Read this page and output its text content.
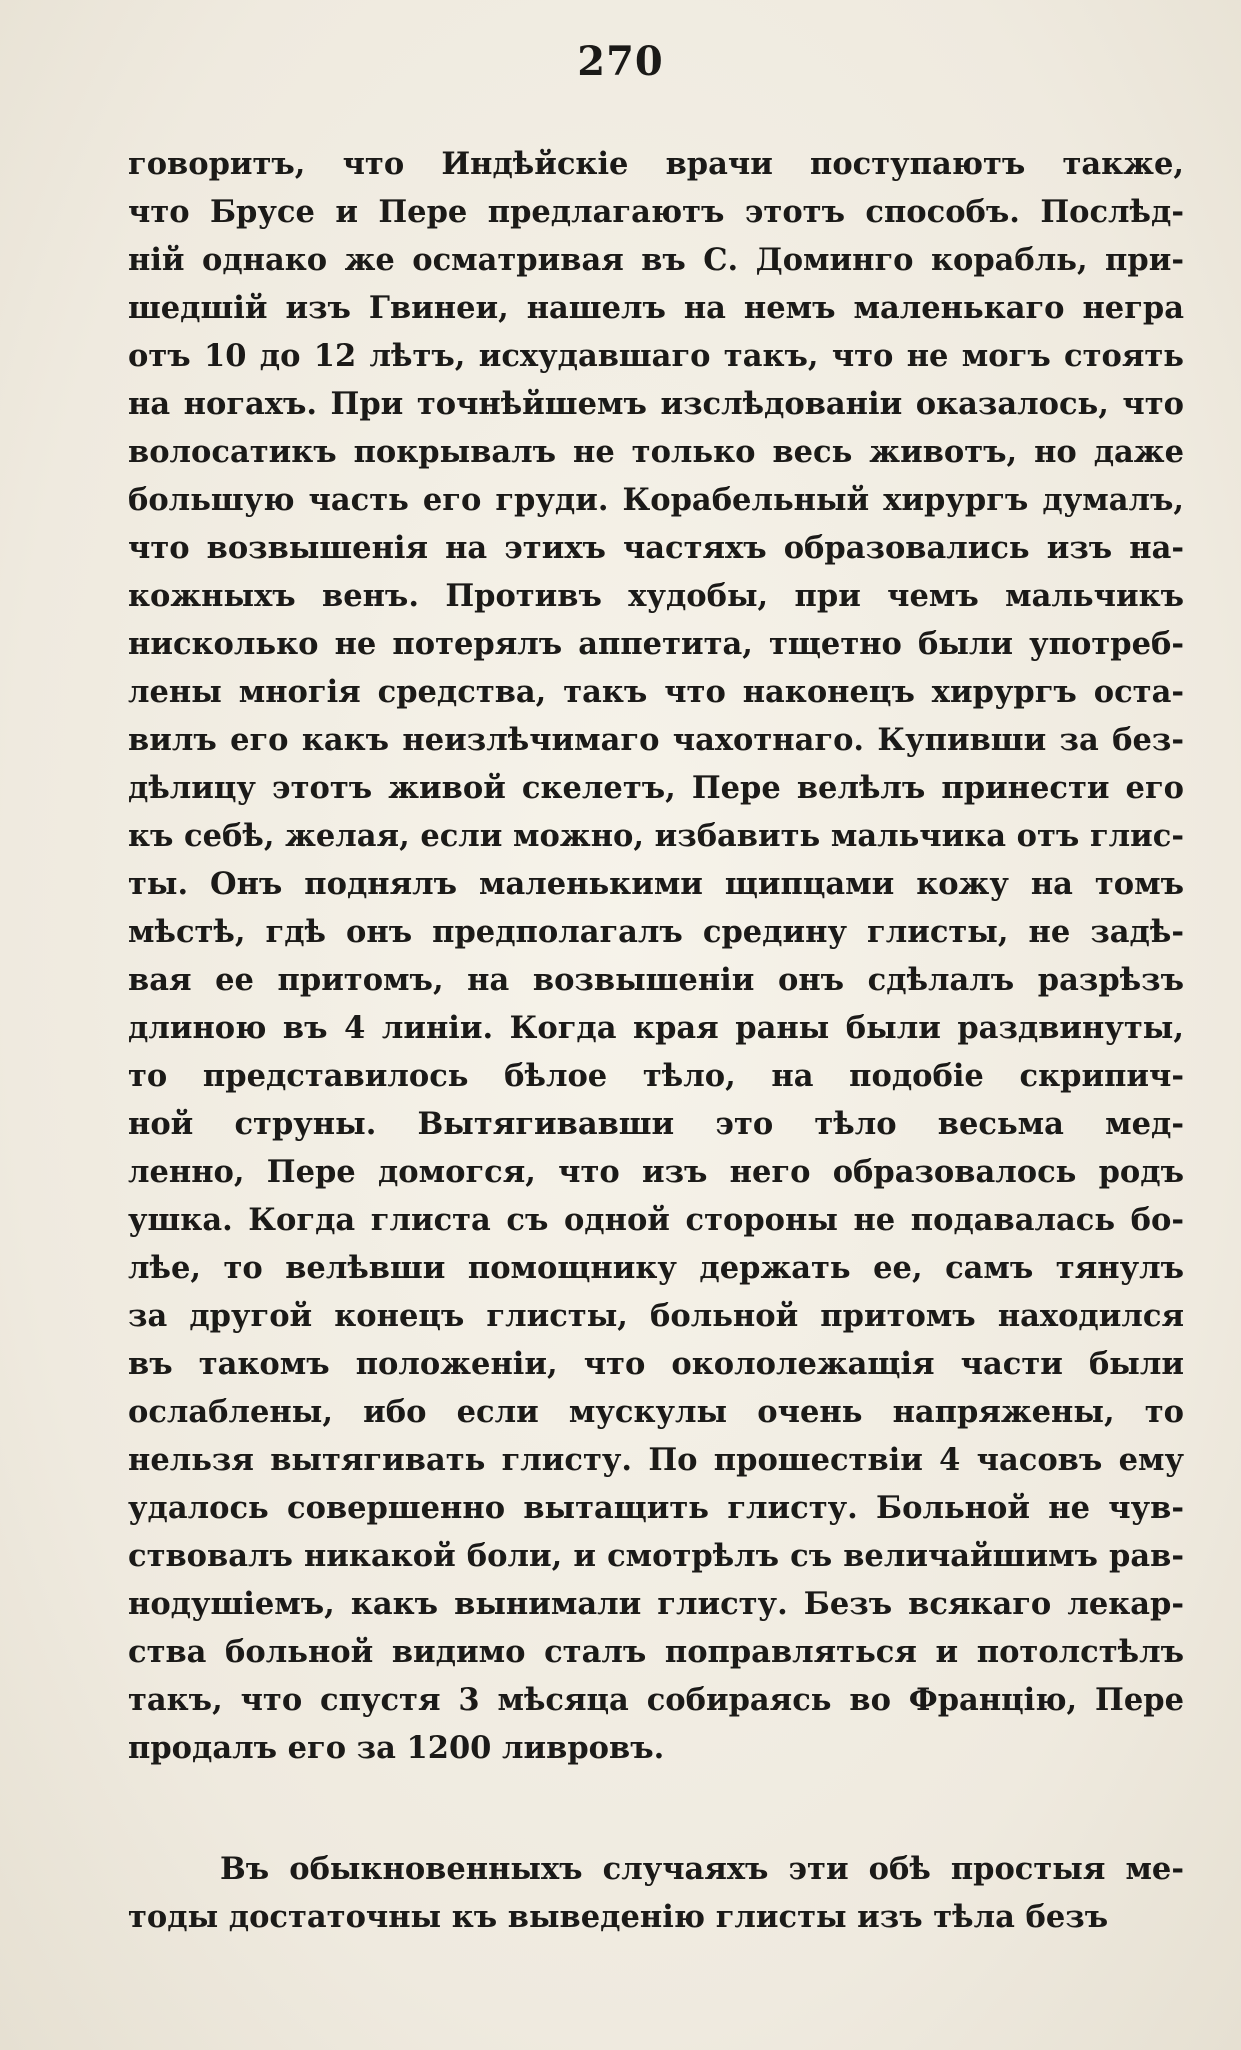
270
говоритъ, что Индѣйскіе врачи поступаютъ также,
что Брусе и Пере предлагаютъ этотъ способъ. Послѣд-
ній однако же осматривая въ С. Доминго корабль, при-
шедшій изъ Гвинеи, нашелъ на немъ маленькаго негра
отъ 10 до 12 лѣтъ, исхудавшаго такъ, что не могъ стоять
на ногахъ. При точнѣйшемъ изслѣдованіи оказалось, что
волосатикъ покрывалъ не только весь животъ, но даже
большую часть его груди. Корабельный хирургъ думалъ,
что возвышенія на этихъ частяхъ образовались изъ на-
кожныхъ венъ. Противъ худобы, при чемъ мальчикъ
нисколько не потерялъ аппетита, тщетно были употреб-
лены многія средства, такъ что наконецъ хирургъ оста-
вилъ его какъ неизлѣчимаго чахотнаго. Купивши за без-
дѣлицу этотъ живой скелетъ, Пере велѣлъ принести его
къ себѣ, желая, если можно, избавить мальчика отъ глис-
ты. Онъ поднялъ маленькими щипцами кожу на томъ
мѣстѣ, гдѣ онъ предполагалъ средину глисты, не задѣ-
вая ее притомъ, на возвышеніи онъ сдѣлалъ разрѣзъ
длиною въ 4 линіи. Когда края раны были раздвинуты,
то представилось бѣлое тѣло, на подобіе скрипич-
ной струны. Вытягивавши это тѣло весьма мед-
ленно, Пере домогся, что изъ него образовалось родъ
ушка. Когда глиста съ одной стороны не подавалась бо-
лѣе, то велѣвши помощнику держать ее, самъ тянулъ
за другой конецъ глисты, больной притомъ находился
въ такомъ положеніи, что окололежащія части были
ослаблены, ибо если мускулы очень напряжены, то
нельзя вытягивать глисту. По прошествіи 4 часовъ ему
удалось совершенно вытащить глисту. Больной не чув-
ствовалъ никакой боли, и смотрѣлъ съ величайшимъ рав-
нодушіемъ, какъ вынимали глисту. Безъ всякаго лекар-
ства больной видимо сталъ поправляться и потолстѣлъ
такъ, что спустя 3 мѣсяца собираясь во Францію, Пере
продалъ его за 1200 ливровъ.
Въ обыкновенныхъ случаяхъ эти обѣ простыя ме-
тоды достаточны къ выведенію глисты изъ тѣла безъ
